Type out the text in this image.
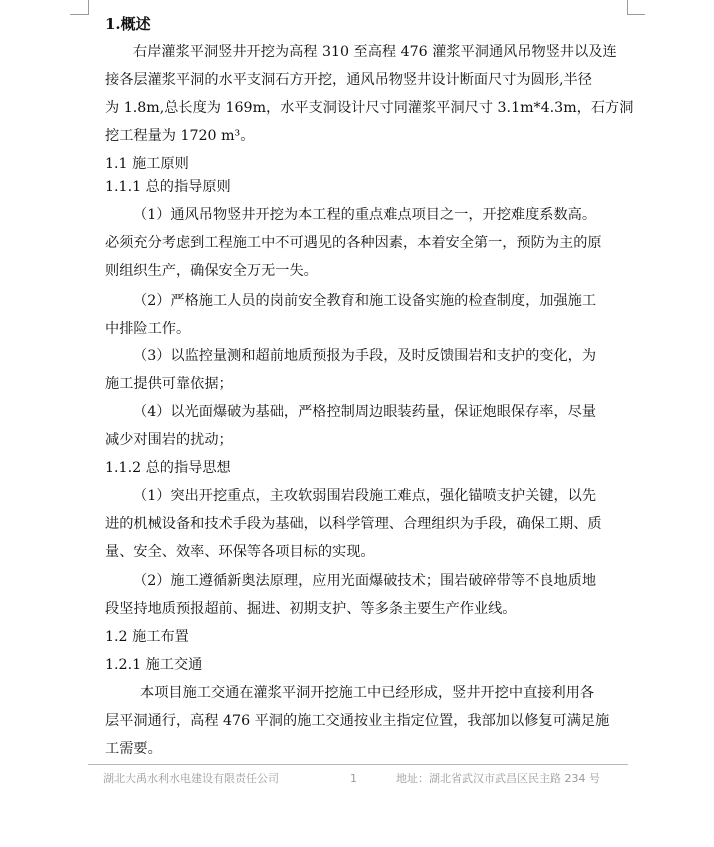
1.概述
右岸灌浆平洞竖井开挖为高程 310 至高程 476 灌浆平洞通风吊物竖井以及连
接各层灌浆平洞的水平支洞石方开挖，通风吊物竖井设计断面尺寸为圆形,半径
为 1.8m,总长度为 169m，水平支洞设计尺寸同灌浆平洞尺寸 3.1m*4.3m，石方洞
挖工程量为 1720 m³。
1.1 施工原则
1.1.1 总的指导原则
（1）通风吊物竖井开挖为本工程的重点难点项目之一，开挖难度系数高。
必须充分考虑到工程施工中不可遇见的各种因素，本着安全第一，预防为主的原
则组织生产，确保安全万无一失。
（2）严格施工人员的岗前安全教育和施工设备实施的检查制度，加强施工
中排险工作。
（3）以监控量测和超前地质预报为手段，及时反馈围岩和支护的变化，为
施工提供可靠依据；
（4）以光面爆破为基础，严格控制周边眼装药量，保证炮眼保存率，尽量
减少对围岩的扰动；
1.1.2 总的指导思想
（1）突出开挖重点，主攻软弱围岩段施工难点，强化锚喷支护关键，以先
进的机械设备和技术手段为基础，以科学管理、合理组织为手段，确保工期、质
量、安全、效率、环保等各项目标的实现。
（2）施工遵循新奥法原理，应用光面爆破技术；围岩破碎带等不良地质地
段坚持地质预报超前、掘进、初期支护、等多条主要生产作业线。
1.2 施工布置
1.2.1 施工交通
本项目施工交通在灌浆平洞开挖施工中已经形成，竖井开挖中直接利用各
层平洞通行，高程 476 平洞的施工交通按业主指定位置，我部加以修复可满足施
工需要。
湖北大禹水利水电建设有限责任公司	1	地址：湖北省武汉市武昌区民主路 234 号
